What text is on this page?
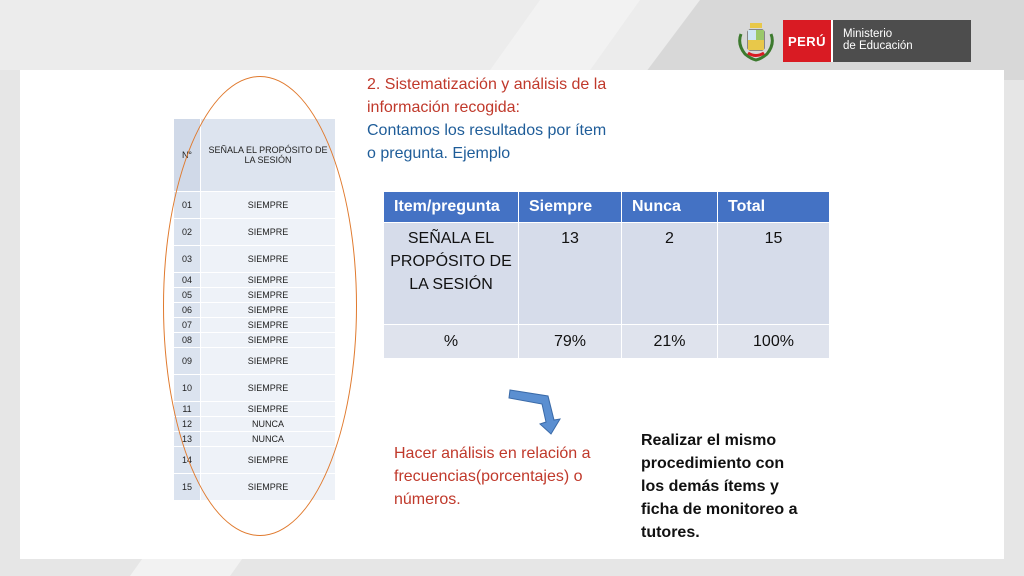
PERÚ	Ministerio
de Educación
N°	SEÑALA EL PROPÓSITO DE LA SESIÓN
01	SIEMPRE
02	SIEMPRE
03	SIEMPRE
04	SIEMPRE
05	SIEMPRE
06	SIEMPRE
07	SIEMPRE
08	SIEMPRE
09	SIEMPRE
10	SIEMPRE
11	SIEMPRE
12	NUNCA
13	NUNCA
14	SIEMPRE
15	SIEMPRE
2. Sistematización y análisis de la información recogida:
Contamos los resultados por ítem o pregunta. Ejemplo
Item/pregunta	Siempre	Nunca	Total
SEÑALA EL PROPÓSITO DE LA SESIÓN	13	2	15
%	79%	21%	100%
Hacer análisis en relación a frecuencias(porcentajes) o números.
Realizar el mismo procedimiento con los demás ítems y ficha de monitoreo a tutores.
